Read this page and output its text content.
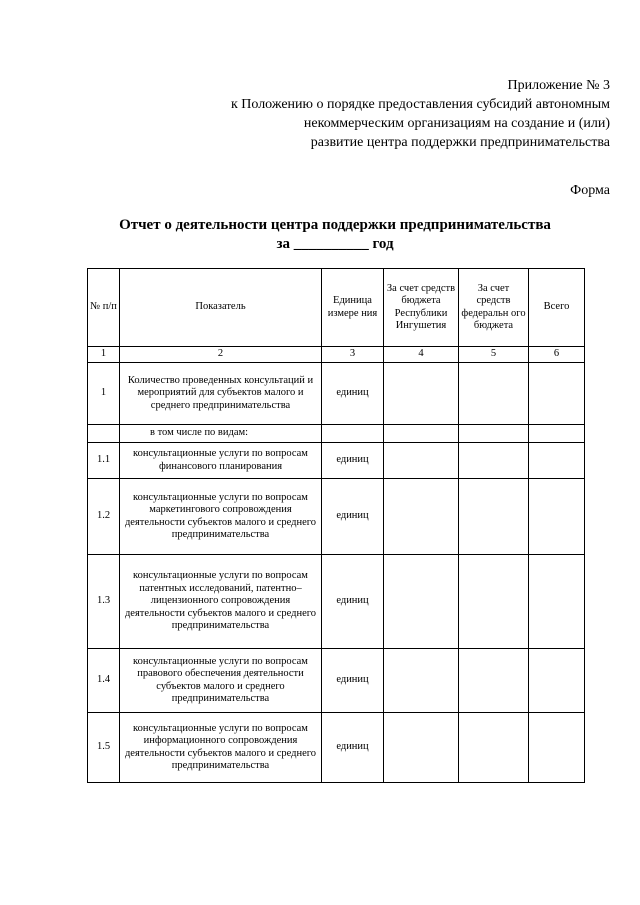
Приложение № 3
к Положению о порядке предоставления субсидий автономным
некоммерческим организациям на создание и (или)
развитие центра поддержки предпринимательства
Форма
Отчет о деятельности центра поддержки предпринимательства
за __________ год
№ п/п	Показатель	Единица измере ния	За счет средств бюджета Республики Ингушетия	За счет средств федеральн ого бюджета	Всего
1	2	3	4	5	6
1	Количество проведенных консультаций и мероприятий для субъектов малого и среднего предпринимательства	единиц			
	в том числе по видам:				
1.1	консультационные услуги по вопросам финансового планирования	единиц			
1.2	консультационные услуги по вопросам маркетингового сопровождения деятельности субъектов малого и среднего предпринимательства	единиц			
1.3	консультационные услуги по вопросам патентных исследований, патентно–лицензионного сопровождения деятельности субъектов малого и среднего предпринимательства	единиц			
1.4	консультационные услуги по вопросам правового обеспечения деятельности субъектов малого и среднего предпринимательства	единиц			
1.5	консультационные услуги по вопросам информационного сопровождения деятельности субъектов малого и среднего предпринимательства	единиц			
